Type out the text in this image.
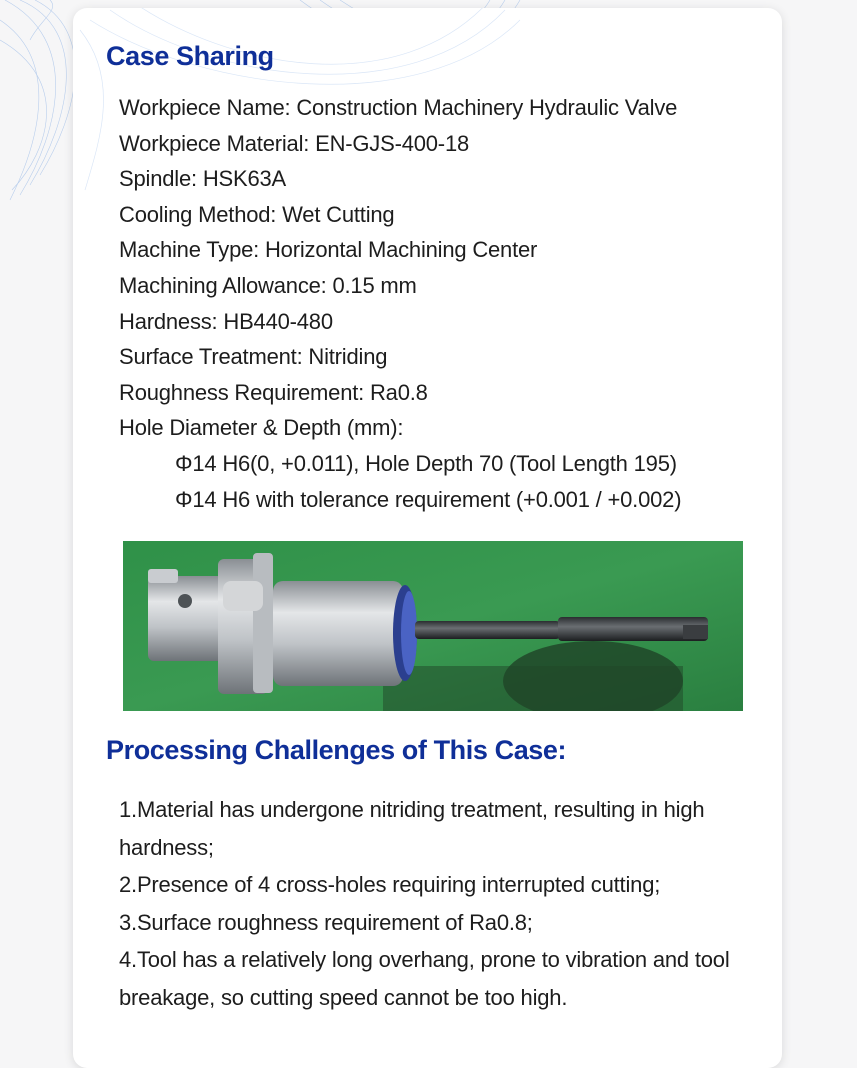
Case Sharing
Workpiece Name: Construction Machinery Hydraulic Valve
Workpiece Material: EN-GJS-400-18
Spindle: HSK63A
Cooling Method: Wet Cutting
Machine Type: Horizontal Machining Center
Machining Allowance: 0.15 mm
Hardness: HB440-480
Surface Treatment: Nitriding
Roughness Requirement: Ra0.8
Hole Diameter & Depth (mm):
Φ14 H6(0, +0.011), Hole Depth 70 (Tool Length 195)
Φ14 H6 with tolerance requirement (+0.001 / +0.002)
Processing Challenges of This Case:
1.Material has undergone nitriding treatment, resulting in high hardness;
2.Presence of 4 cross-holes requiring interrupted cutting;
3.Surface roughness requirement of Ra0.8;
4.Tool has a relatively long overhang, prone to vibration and tool breakage, so cutting speed cannot be too high.
